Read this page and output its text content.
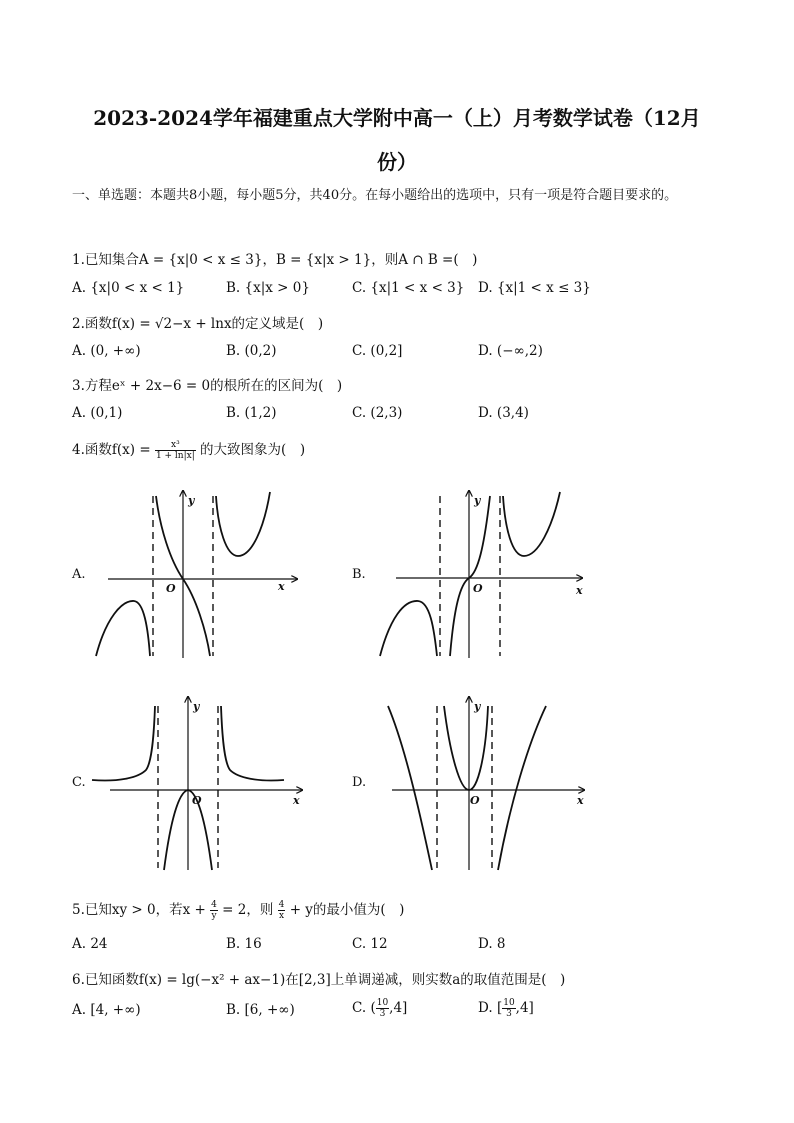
2023-2024学年福建重点大学附中高一（上）月考数学试卷（12月
份）
一、单选题：本题共8小题，每小题5分，共40分。在每小题给出的选项中，只有一项是符合题目要求的。
1.已知集合A = {x|0 < x ≤ 3}，B = {x|x > 1}，则A ∩ B =(　)
A. {x|0 < x < 1}	B. {x|x > 0}	C. {x|1 < x < 3} D. {x|1 < x ≤ 3}
2.函数f(x) = √2−x + lnx的定义域是(　)
A. (0, +∞)	B. (0,2)	C. (0,2]	D. (−∞,2)
3.方程eˣ + 2x−6 = 0的根所在的区间为(　)
A. (0,1)	B. (1,2)	C. (2,3)	D. (3,4)
4.函数$f(x) = \frac{\text{x³}}{1 + \ln|x|}$ 的大致图象为(　)
A.	B.
C.	D.
O	x
y
O	x
y
O	x
y
O	x
y
5.已知xy > 0，若$x + \frac{4}{y} = 2$，则 $\frac{4}{x} + y$的最小值为(　)
A. 24	B. 16	C. 12	D. 8
6.已知函数f(x) = lg(−x² + ax−1)在[2,3]上单调递减，则实数a的取值范围是(　)
A. [4, +∞)	B. [6, +∞)	C. ( $\frac{10}{3} ,4$]	D. [ $\frac{10}{3} ,4$]
